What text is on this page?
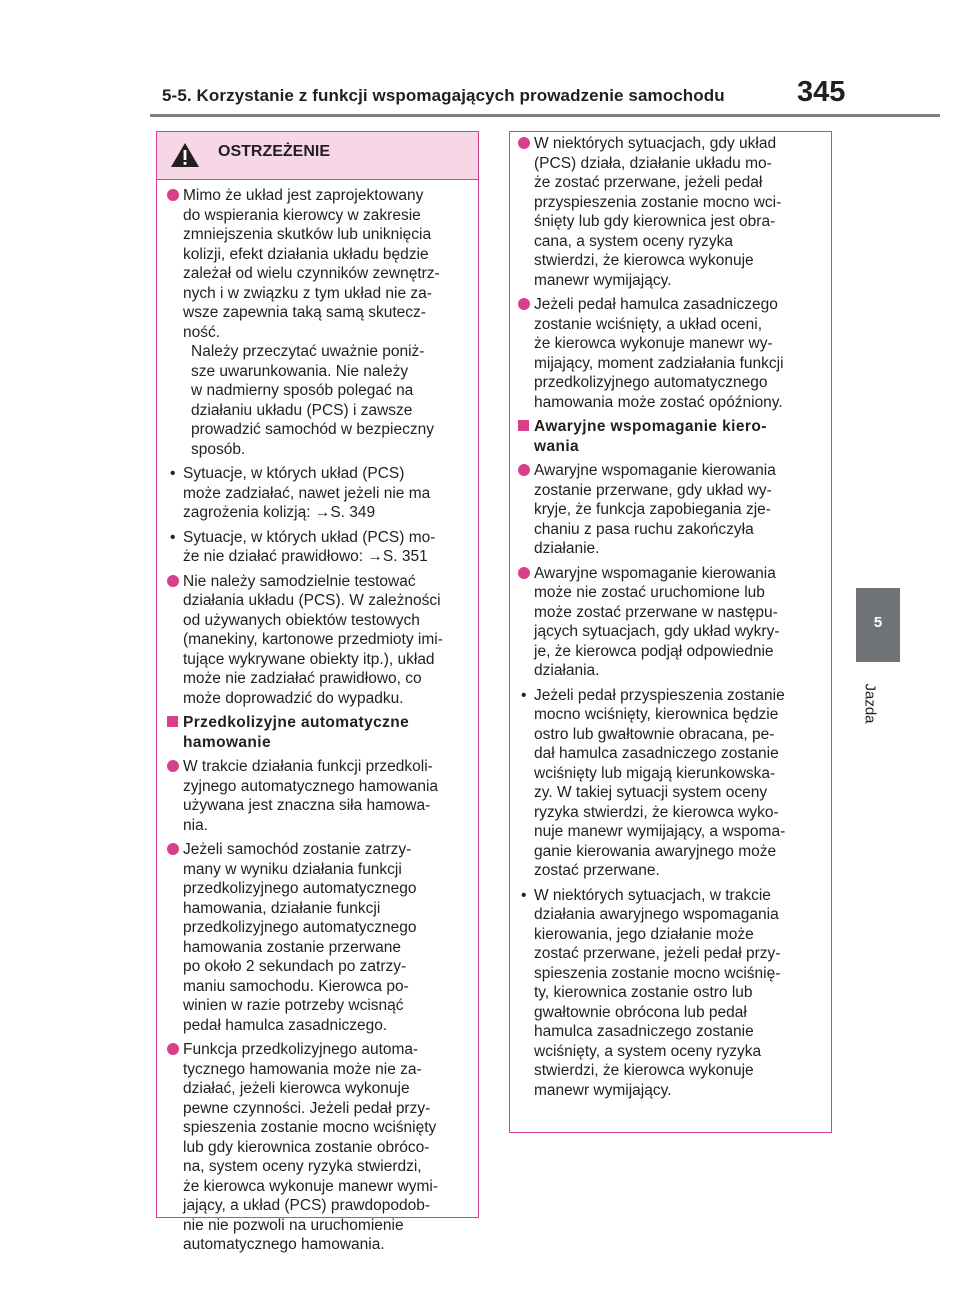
5-5. Korzystanie z funkcji wspomagających prowadzenie samochodu 345
5
Jazda
OSTRZEŻENIE
Mimo że układ jest zaprojektowany
do wspierania kierowcy w zakresie
zmniejszenia skutków lub uniknięcia
kolizji, efekt działania układu będzie
zależał od wielu czynników zewnętrz-
nych i w związku z tym układ nie za-
wsze zapewnia taką samą skutecz-
ność.
Należy przeczytać uważnie poniż-
sze uwarunkowania. Nie należy
w nadmierny sposób polegać na
działaniu układu (PCS) i zawsze
prowadzić samochód w bezpieczny
sposób.
• Sytuacje, w których układ (PCS)
może zadziałać, nawet jeżeli nie ma
zagrożenia kolizją: →S. 349
• Sytuacje, w których układ (PCS) mo-
że nie działać prawidłowo: →S. 351
Nie należy samodzielnie testować
działania układu (PCS). W zależności
od używanych obiektów testowych
(manekiny, kartonowe przedmioty imi-
tujące wykrywane obiekty itp.), układ
może nie zadziałać prawidłowo, co
może doprowadzić do wypadku.
Przedkolizyjne automatyczne
hamowanie
W trakcie działania funkcji przedkoli-
zyjnego automatycznego hamowania
używana jest znaczna siła hamowa-
nia.
Jeżeli samochód zostanie zatrzy-
many w wyniku działania funkcji
przedkolizyjnego automatycznego
hamowania, działanie funkcji
przedkolizyjnego automatycznego
hamowania zostanie przerwane
po około 2 sekundach po zatrzy-
maniu samochodu. Kierowca po-
winien w razie potrzeby wcisnąć
pedał hamulca zasadniczego.
Funkcja przedkolizyjnego automa-
tycznego hamowania może nie za-
działać, jeżeli kierowca wykonuje
pewne czynności. Jeżeli pedał przy-
spieszenia zostanie mocno wciśnięty
lub gdy kierownica zostanie obróco-
na, system oceny ryzyka stwierdzi,
że kierowca wykonuje manewr wymi-
jający, a układ (PCS) prawdopodob-
nie nie pozwoli na uruchomienie
automatycznego hamowania.
W niektórych sytuacjach, gdy układ
(PCS) działa, działanie układu mo-
że zostać przerwane, jeżeli pedał
przyspieszenia zostanie mocno wci-
śnięty lub gdy kierownica jest obra-
cana, a system oceny ryzyka
stwierdzi, że kierowca wykonuje
manewr wymijający.
Jeżeli pedał hamulca zasadniczego
zostanie wciśnięty, a układ oceni,
że kierowca wykonuje manewr wy-
mijający, moment zadziałania funkcji
przedkolizyjnego automatycznego
hamowania może zostać opóźniony.
Awaryjne wspomaganie kiero-
wania
Awaryjne wspomaganie kierowania
zostanie przerwane, gdy układ wy-
kryje, że funkcja zapobiegania zje-
chaniu z pasa ruchu zakończyła
działanie.
Awaryjne wspomaganie kierowania
może nie zostać uruchomione lub
może zostać przerwane w następu-
jących sytuacjach, gdy układ wykry-
je, że kierowca podjął odpowiednie
działania.
• Jeżeli pedał przyspieszenia zostanie
mocno wciśnięty, kierownica będzie
ostro lub gwałtownie obracana, pe-
dał hamulca zasadniczego zostanie
wciśnięty lub migają kierunkowska-
zy. W takiej sytuacji system oceny
ryzyka stwierdzi, że kierowca wyko-
nuje manewr wymijający, a wspoma-
ganie kierowania awaryjnego może
zostać przerwane.
• W niektórych sytuacjach, w trakcie
działania awaryjnego wspomagania
kierowania, jego działanie może
zostać przerwane, jeżeli pedał przy-
spieszenia zostanie mocno wciśnię-
ty, kierownica zostanie ostro lub
gwałtownie obrócona lub pedał
hamulca zasadniczego zostanie
wciśnięty, a system oceny ryzyka
stwierdzi, że kierowca wykonuje
manewr wymijający.
